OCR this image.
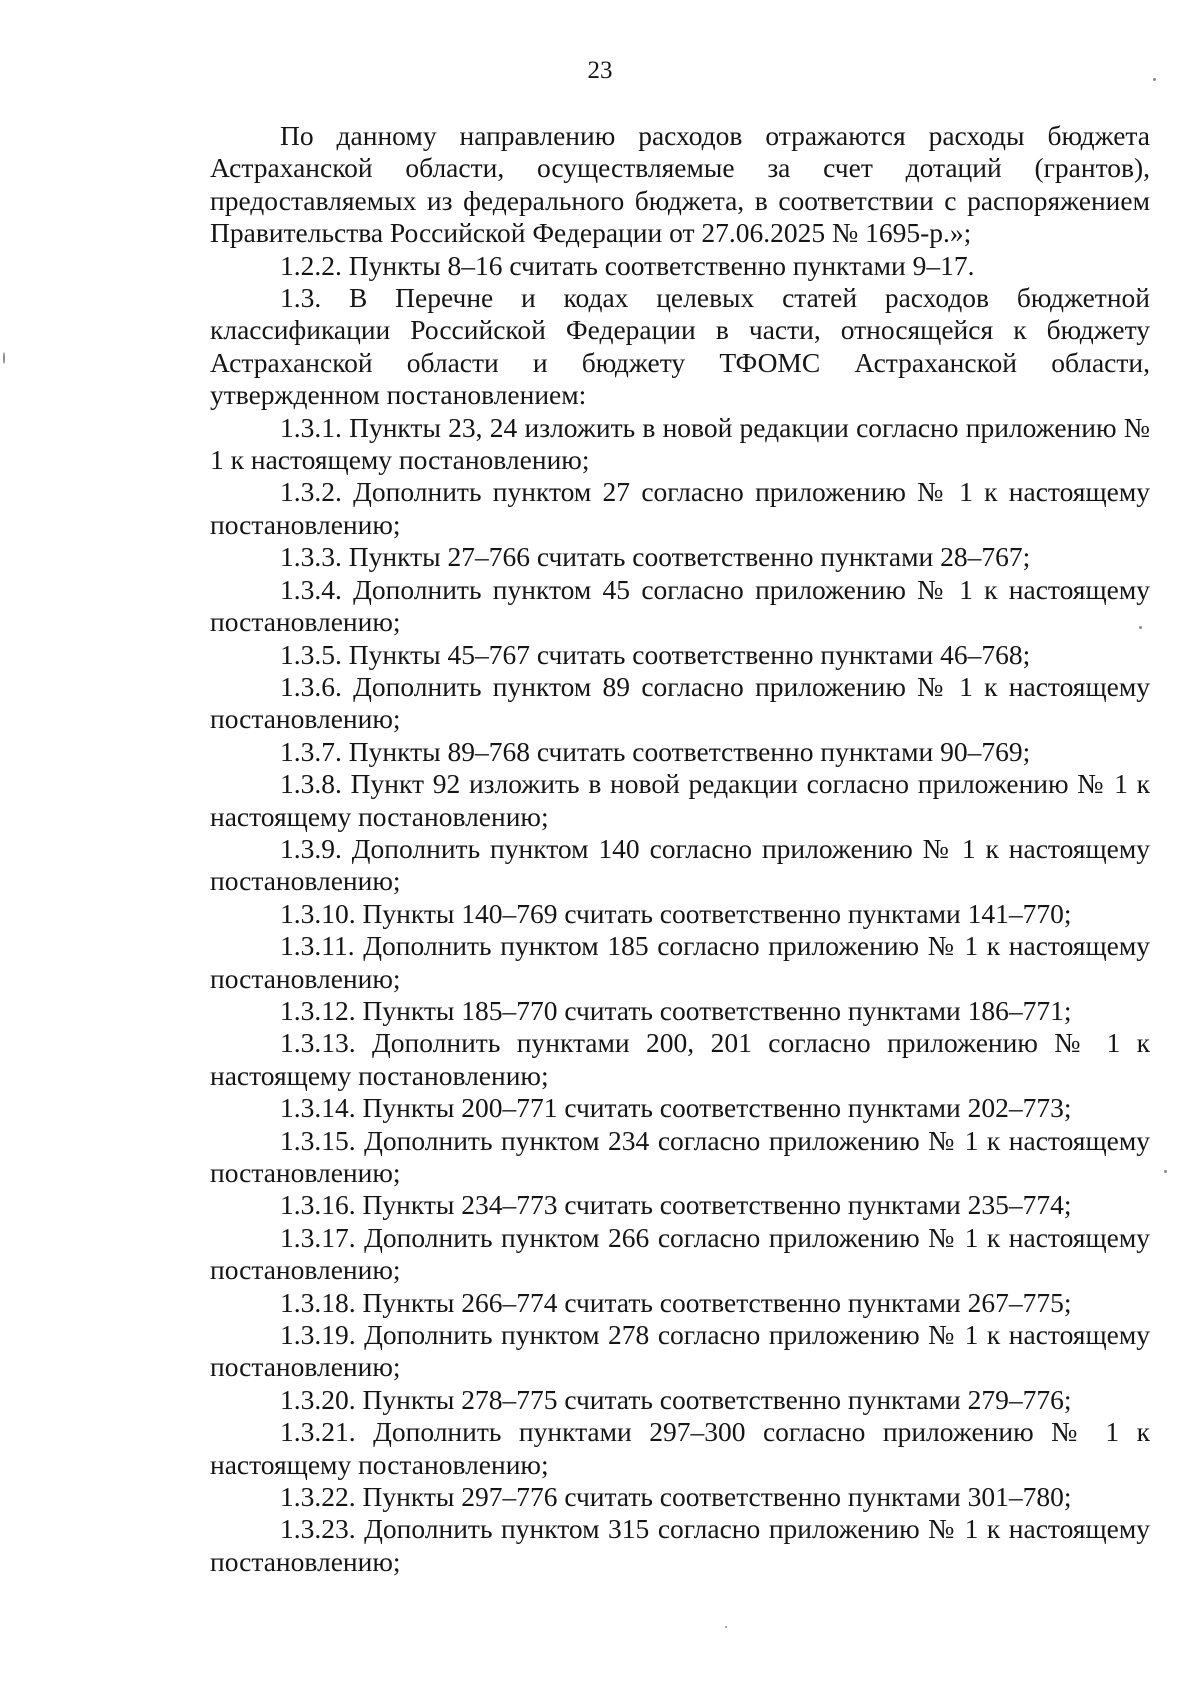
23

По данному направлению расходов отражаются расходы бюджета Астраханской области, осуществляемые за счет дотаций (грантов), предоставляемых из федерального бюджета, в соответствии с распоряжением Правительства Российской Федерации от 27.06.2025 № 1695-р.»;

1.2.2. Пункты 8–16 считать соответственно пунктами 9–17.

1.3. В Перечне и кодах целевых статей расходов бюджетной классификации Российской Федерации в части, относящейся к бюджету Астраханской области и бюджету ТФОМС Астраханской области, утвержденном постановлением:

1.3.1. Пункты 23, 24 изложить в новой редакции согласно приложению № 1 к настоящему постановлению;

1.3.2. Дополнить пунктом 27 согласно приложению № 1 к настоящему постановлению;

1.3.3. Пункты 27–766 считать соответственно пунктами 28–767;

1.3.4. Дополнить пунктом 45 согласно приложению № 1 к настоящему постановлению;

1.3.5. Пункты 45–767 считать соответственно пунктами 46–768;

1.3.6. Дополнить пунктом 89 согласно приложению № 1 к настоящему постановлению;

1.3.7. Пункты 89–768 считать соответственно пунктами 90–769;

1.3.8. Пункт 92 изложить в новой редакции согласно приложению № 1 к настоящему постановлению;

1.3.9. Дополнить пунктом 140 согласно приложению № 1 к настоящему постановлению;

1.3.10. Пункты 140–769 считать соответственно пунктами 141–770;

1.3.11. Дополнить пунктом 185 согласно приложению № 1 к настоящему постановлению;

1.3.12. Пункты 185–770 считать соответственно пунктами 186–771;

1.3.13. Дополнить пунктами 200, 201 согласно приложению № 1 к настоящему постановлению;

1.3.14. Пункты 200–771 считать соответственно пунктами 202–773;

1.3.15. Дополнить пунктом 234 согласно приложению № 1 к настоящему постановлению;

1.3.16. Пункты 234–773 считать соответственно пунктами 235–774;

1.3.17. Дополнить пунктом 266 согласно приложению № 1 к настоящему постановлению;

1.3.18. Пункты 266–774 считать соответственно пунктами 267–775;

1.3.19. Дополнить пунктом 278 согласно приложению № 1 к настоящему постановлению;

1.3.20. Пункты 278–775 считать соответственно пунктами 279–776;

1.3.21. Дополнить пунктами 297–300 согласно приложению № 1 к настоящему постановлению;

1.3.22. Пункты 297–776 считать соответственно пунктами 301–780;

1.3.23. Дополнить пунктом 315 согласно приложению № 1 к настоящему постановлению;
